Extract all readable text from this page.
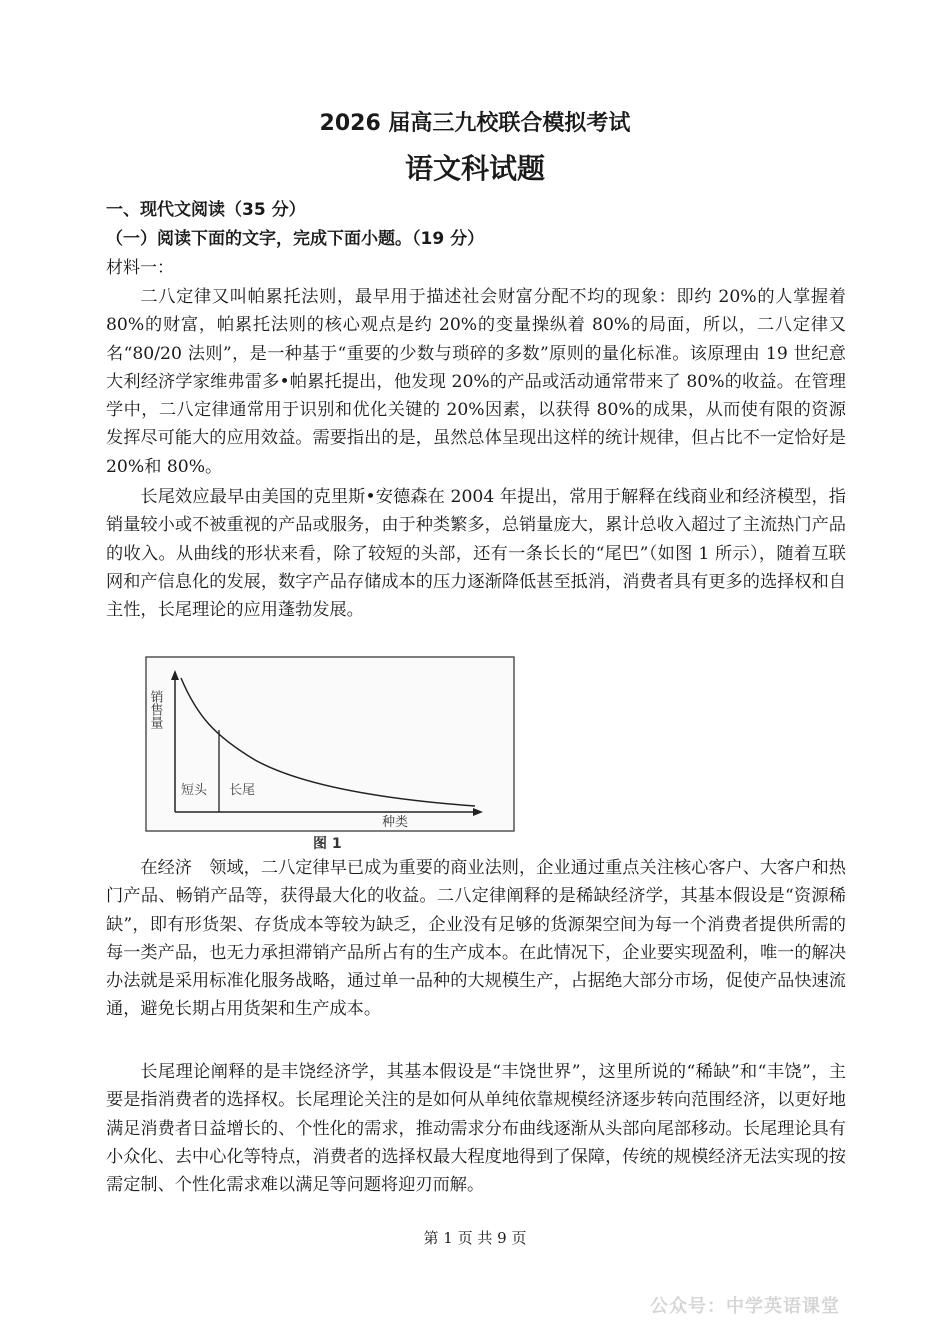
2026 届高三九校联合模拟考试
语文科试题
一、现代文阅读（35 分）
（一）阅读下面的文字，完成下面小题。（19 分）
材料一：

二八定律又叫帕累托法则，最早用于描述社会财富分配不均的现象：即约 20%的人掌握着 80%的财富，帕累托法则的核心观点是约 20%的变量操纵着 80%的局面，所以，二八定律又名“80/20 法则”，是一种基于“重要的少数与琐碎的多数”原则的量化标准。该原理由 19 世纪意大利经济学家维弗雷多•帕累托提出，他发现 20%的产品或活动通常带来了 80%的收益。在管理学中，二八定律通常用于识别和优化关键的 20%因素，以获得 80%的成果，从而使有限的资源发挥尽可能大的应用效益。需要指出的是，虽然总体呈现出这样的统计规律，但占比不一定恰好是 20%和 80%。

长尾效应最早由美国的克里斯•安德森在 2004 年提出，常用于解释在线商业和经济模型，指销量较小或不被重视的产品或服务，由于种类繁多，总销量庞大，累计总收入超过了主流热门产品的收入。从曲线的形状来看，除了较短的头部，还有一条长长的“尾巴”（如图 1 所示），随着互联网和产信息化的发展，数字产品存储成本的压力逐渐降低甚至抵消，消费者具有更多的选择权和自主性，长尾理论的应用蓬勃发展。

销售量
短头 长尾
种类
图 1

在经济　领域，二八定律早已成为重要的商业法则，企业通过重点关注核心客户、大客户和热门产品、畅销产品等，获得最大化的收益。二八定律阐释的是稀缺经济学，其基本假设是“资源稀缺”，即有形货架、存货成本等较为缺乏，企业没有足够的货源架空间为每一个消费者提供所需的每一类产品，也无力承担滞销产品所占有的生产成本。在此情况下，企业要实现盈利，唯一的解决办法就是采用标准化服务战略，通过单一品种的大规模生产，占据绝大部分市场，促使产品快速流通，避免长期占用货架和生产成本。

长尾理论阐释的是丰饶经济学，其基本假设是“丰饶世界”，这里所说的“稀缺”和“丰饶”，主要是指消费者的选择权。长尾理论关注的是如何从单纯依靠规模经济逐步转向范围经济，以更好地满足消费者日益增长的、个性化的需求，推动需求分布曲线逐渐从头部向尾部移动。长尾理论具有小众化、去中心化等特点，消费者的选择权最大程度地得到了保障，传统的规模经济无法实现的按需定制、个性化需求难以满足等问题将迎刃而解。

第 1 页 共 9 页
公众号：中学英语课堂
